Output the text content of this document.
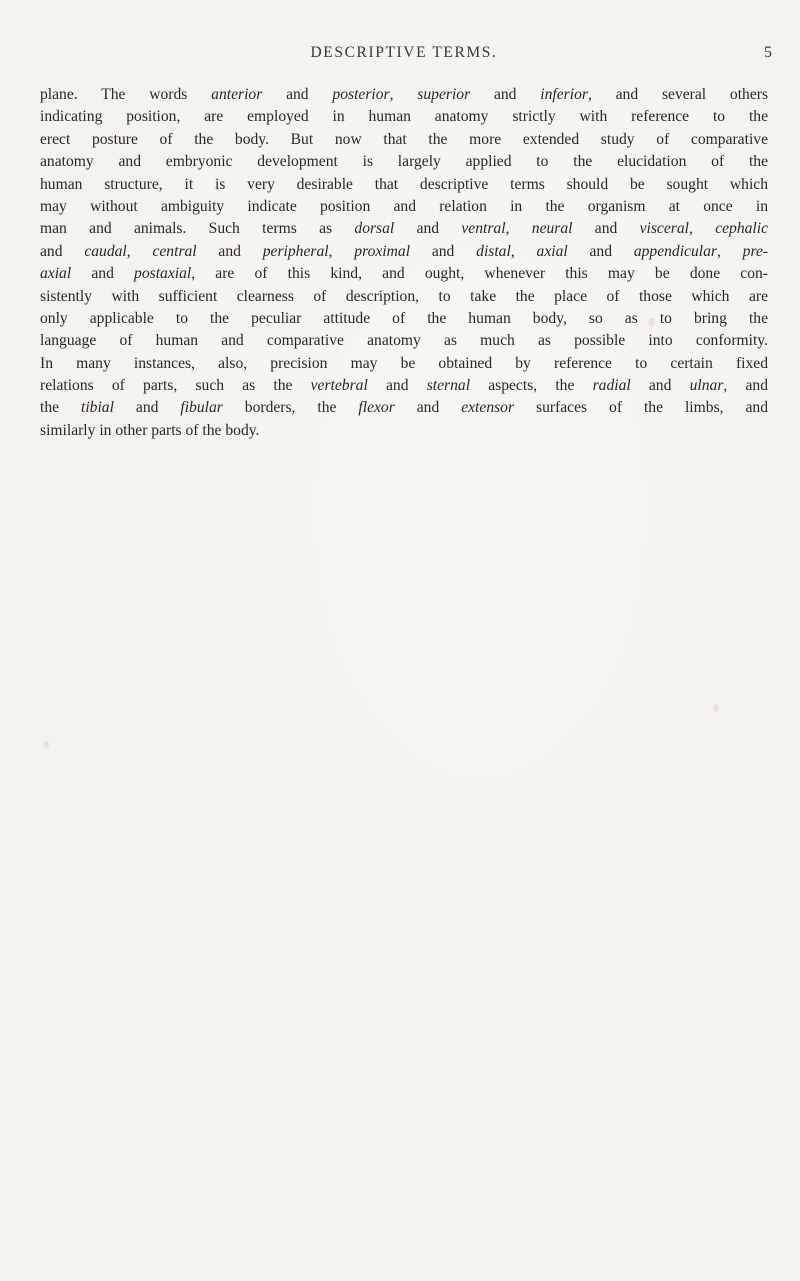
DESCRIPTIVE TERMS.	5
plane. The words anterior and posterior, superior and inferior, and several others
indicating position, are employed in human anatomy strictly with reference to the
erect posture of the body. But now that the more extended study of comparative
anatomy and embryonic development is largely applied to the elucidation of the
human structure, it is very desirable that descriptive terms should be sought which
may without ambiguity indicate position and relation in the organism at once in
man and animals. Such terms as dorsal and ventral, neural and visceral, cephalic
and caudal, central and peripheral, proximal and distal, axial and appendicular, pre-
axial and postaxial, are of this kind, and ought, whenever this may be done con-
sistently with sufficient clearness of description, to take the place of those which are
only applicable to the peculiar attitude of the human body, so as to bring the
language of human and comparative anatomy as much as possible into conformity.
In many instances, also, precision may be obtained by reference to certain fixed
relations of parts, such as the vertebral and sternal aspects, the radial and ulnar, and
the tibial and fibular borders, the flexor and extensor surfaces of the limbs, and
similarly in other parts of the body.
